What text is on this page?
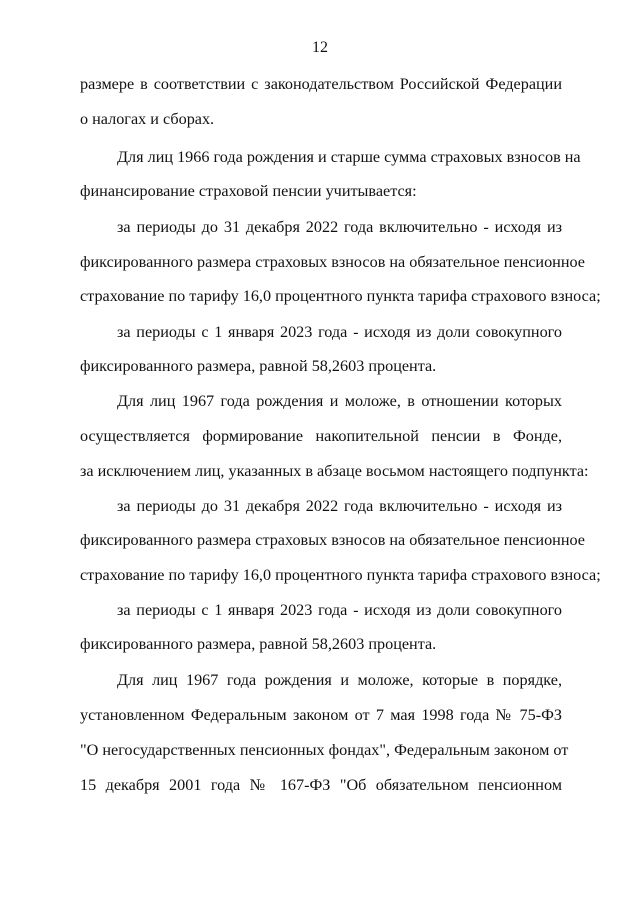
12
размере в соответствии с законодательством Российской Федерации
о налогах и сборах.
Для лиц 1966 года рождения и старше сумма страховых взносов на
финансирование страховой пенсии учитывается:
за периоды до 31 декабря 2022 года включительно - исходя из
фиксированного размера страховых взносов на обязательное пенсионное
страхование по тарифу 16,0 процентного пункта тарифа страхового взноса;
за периоды с 1 января 2023 года - исходя из доли совокупного
фиксированного размера, равной 58,2603 процента.
Для лиц 1967 года рождения и моложе, в отношении которых
осуществляется формирование накопительной пенсии в Фонде,
за исключением лиц, указанных в абзаце восьмом настоящего подпункта:
за периоды до 31 декабря 2022 года включительно - исходя из
фиксированного размера страховых взносов на обязательное пенсионное
страхование по тарифу 16,0 процентного пункта тарифа страхового взноса;
за периоды с 1 января 2023 года - исходя из доли совокупного
фиксированного размера, равной 58,2603 процента.
Для лиц 1967 года рождения и моложе, которые в порядке,
установленном Федеральным законом от 7 мая 1998 года № 75-ФЗ
"О негосударственных пенсионных фондах", Федеральным законом от
15 декабря 2001 года № 167-ФЗ "Об обязательном пенсионном
